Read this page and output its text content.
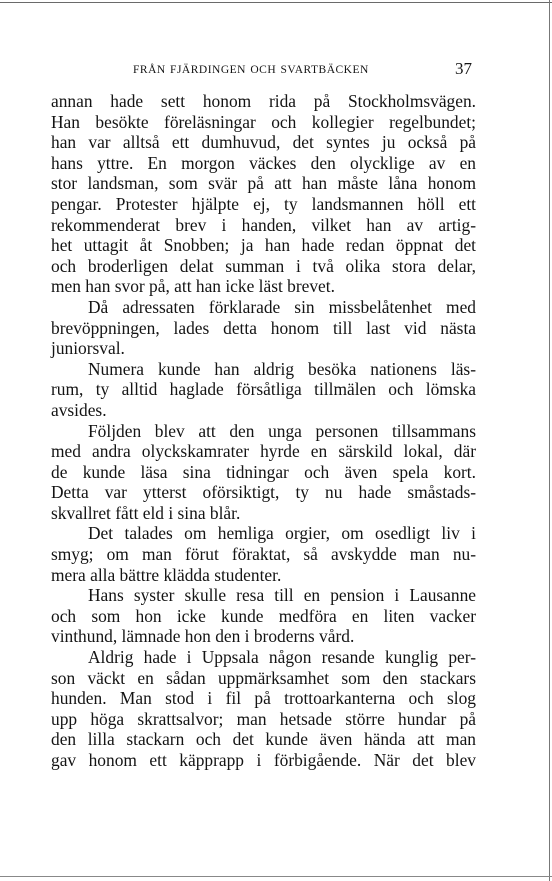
FRÅN FJÄRDINGEN OCH SVARTBÄCKEN	37
annan hade sett honom rida på Stockholmsvägen.
Han besökte föreläsningar och kollegier regelbundet;
han var alltså ett dumhuvud, det syntes ju också på
hans yttre. En morgon väckes den olycklige av en
stor landsman, som svär på att han måste låna honom
pengar. Protester hjälpte ej, ty landsmannen höll ett
rekommenderat brev i handen, vilket han av artig-
het uttagit åt Snobben; ja han hade redan öppnat det
och broderligen delat summan i två olika stora delar,
men han svor på, att han icke läst brevet.
Då adressaten förklarade sin missbelåtenhet med
brevöppningen, lades detta honom till last vid nästa
juniorsval.
Numera kunde han aldrig besöka nationens läs-
rum, ty alltid haglade försåtliga tillmälen och lömska
avsides.
Följden blev att den unga personen tillsammans
med andra olyckskamrater hyrde en särskild lokal, där
de kunde läsa sina tidningar och även spela kort.
Detta var ytterst oförsiktigt, ty nu hade småstads-
skvallret fått eld i sina blår.
Det talades om hemliga orgier, om osedligt liv i
smyg; om man förut föraktat, så avskydde man nu-
mera alla bättre klädda studenter.
Hans syster skulle resa till en pension i Lausanne
och som hon icke kunde medföra en liten vacker
vinthund, lämnade hon den i broderns vård.
Aldrig hade i Uppsala någon resande kunglig per-
son väckt en sådan uppmärksamhet som den stackars
hunden. Man stod i fil på trottoarkanterna och slog
upp höga skrattsalvor; man hetsade större hundar på
den lilla stackarn och det kunde även hända att man
gav honom ett käpprapp i förbigående. När det blev
